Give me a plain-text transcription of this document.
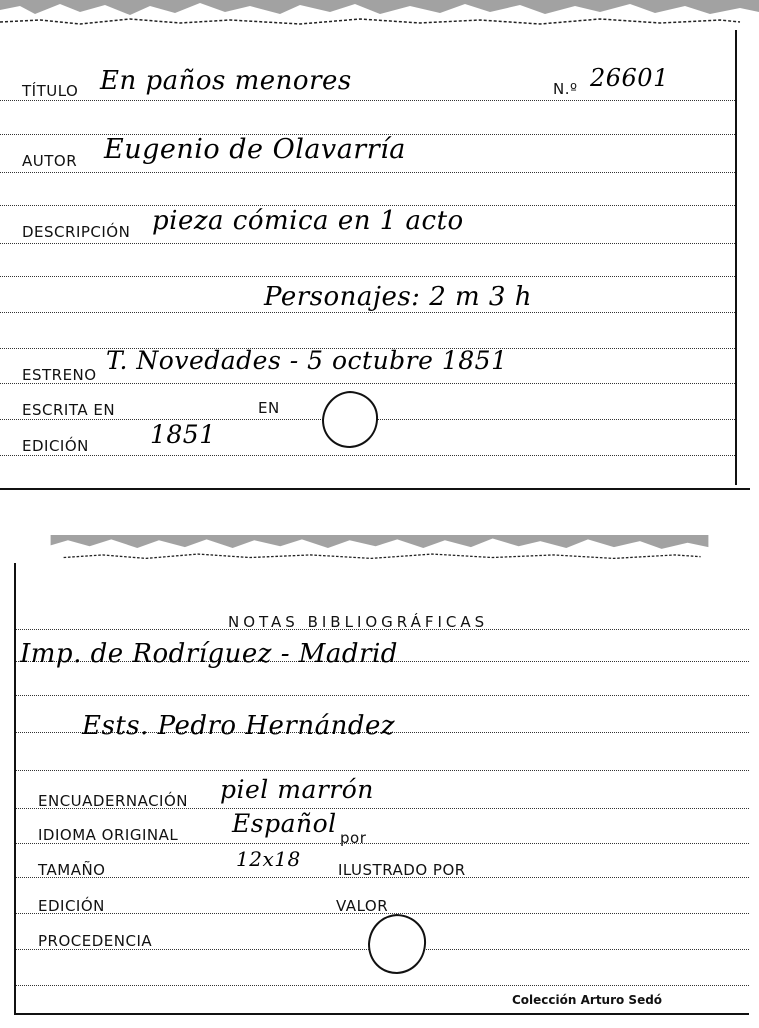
TÍTULO En paños menores	N.º 26601
AUTOR Eugenio de Olavarría
DESCRIPCIÓN pieza cómica en 1 acto
Personajes: 2 m 3 h
ESTRENO T. Novedades - 5 octubre 1851
ESCRITA EN	EN
EDICIÓN 1851
NOTAS BIBLIOGRÁFICAS
Imp. de Rodríguez - Madrid
Ests. Pedro Hernández
ENCUADERNACIÓN piel marrón
IDIOMA ORIGINAL Español por
TAMAÑO	12x18 ILUSTRADO POR
EDICIÓN	VALOR
PROCEDENCIA
Colección Arturo Sedó
